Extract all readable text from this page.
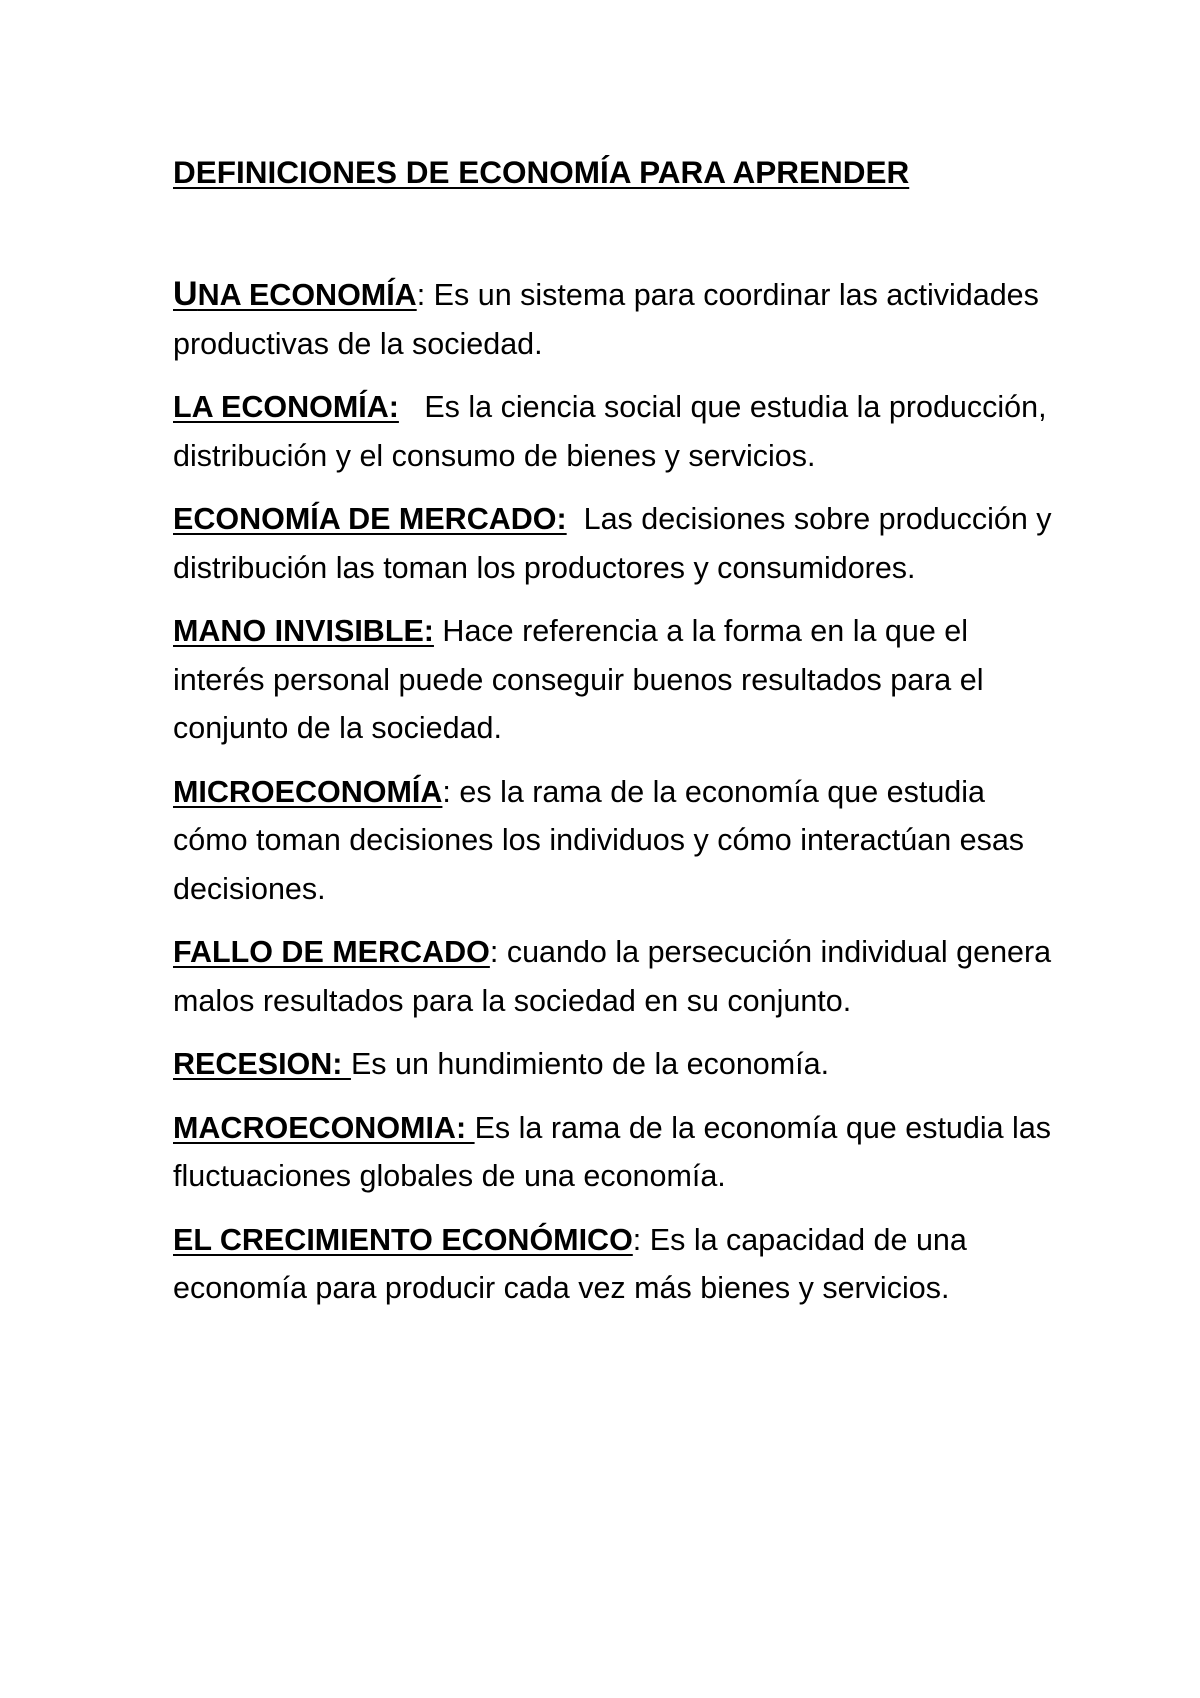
DEFINICIONES DE ECONOMÍA PARA APRENDER

UNA ECONOMÍA: Es un sistema para coordinar las actividades productivas de la sociedad.

LA ECONOMÍA:   Es la ciencia social que estudia la producción, distribución y el consumo de bienes y servicios.

ECONOMÍA DE MERCADO:  Las decisiones sobre producción y distribución las toman los productores y consumidores.

MANO INVISIBLE: Hace referencia a la forma en la que el interés personal puede conseguir buenos resultados para el conjunto de la sociedad.

MICROECONOMÍA: es la rama de la economía que estudia cómo toman decisiones los individuos y cómo interactúan esas decisiones.

FALLO DE MERCADO: cuando la persecución individual genera malos resultados para la sociedad en su conjunto.

RECESION: Es un hundimiento de la economía.

MACROECONOMIA: Es la rama de la economía que estudia las fluctuaciones globales de una economía.

EL CRECIMIENTO ECONÓMICO: Es la capacidad de una economía para producir cada vez más bienes y servicios.
